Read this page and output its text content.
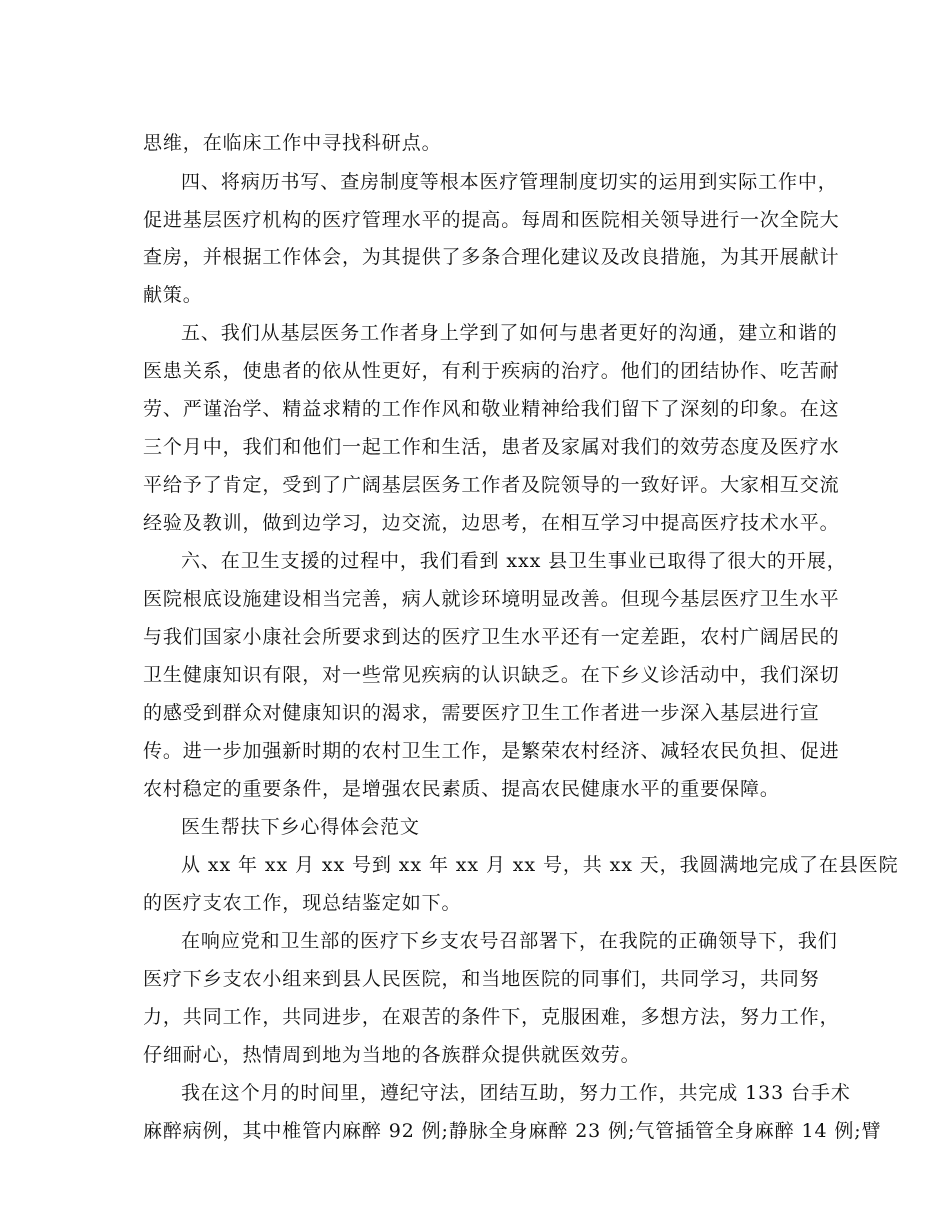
思维，在临床工作中寻找科研点。
四、将病历书写、查房制度等根本医疗管理制度切实的运用到实际工作中，
促进基层医疗机构的医疗管理水平的提高。每周和医院相关领导进行一次全院大
查房，并根据工作体会，为其提供了多条合理化建议及改良措施，为其开展献计
献策。
五、我们从基层医务工作者身上学到了如何与患者更好的沟通，建立和谐的
医患关系，使患者的依从性更好，有利于疾病的治疗。他们的团结协作、吃苦耐
劳、严谨治学、精益求精的工作作风和敬业精神给我们留下了深刻的印象。在这
三个月中，我们和他们一起工作和生活，患者及家属对我们的效劳态度及医疗水
平给予了肯定，受到了广阔基层医务工作者及院领导的一致好评。大家相互交流
经验及教训，做到边学习，边交流，边思考，在相互学习中提高医疗技术水平。
六、在卫生支援的过程中，我们看到 xxx 县卫生事业已取得了很大的开展，
医院根底设施建设相当完善，病人就诊环境明显改善。但现今基层医疗卫生水平
与我们国家小康社会所要求到达的医疗卫生水平还有一定差距，农村广阔居民的
卫生健康知识有限，对一些常见疾病的认识缺乏。在下乡义诊活动中，我们深切
的感受到群众对健康知识的渴求，需要医疗卫生工作者进一步深入基层进行宣
传。进一步加强新时期的农村卫生工作，是繁荣农村经济、减轻农民负担、促进
农村稳定的重要条件，是增强农民素质、提高农民健康水平的重要保障。
医生帮扶下乡心得体会范文
从 xx 年 xx 月 xx 号到 xx 年 xx 月 xx 号，共 xx 天，我圆满地完成了在县医院
的医疗支农工作，现总结鉴定如下。
在响应党和卫生部的医疗下乡支农号召部署下，在我院的正确领导下，我们
医疗下乡支农小组来到县人民医院，和当地医院的同事们，共同学习，共同努
力，共同工作，共同进步，在艰苦的条件下，克服困难，多想方法，努力工作，
仔细耐心，热情周到地为当地的各族群众提供就医效劳。
我在这个月的时间里，遵纪守法，团结互助，努力工作，共完成 133 台手术
麻醉病例，其中椎管内麻醉 92 例;静脉全身麻醉 23 例;气管插管全身麻醉 14 例;臂
